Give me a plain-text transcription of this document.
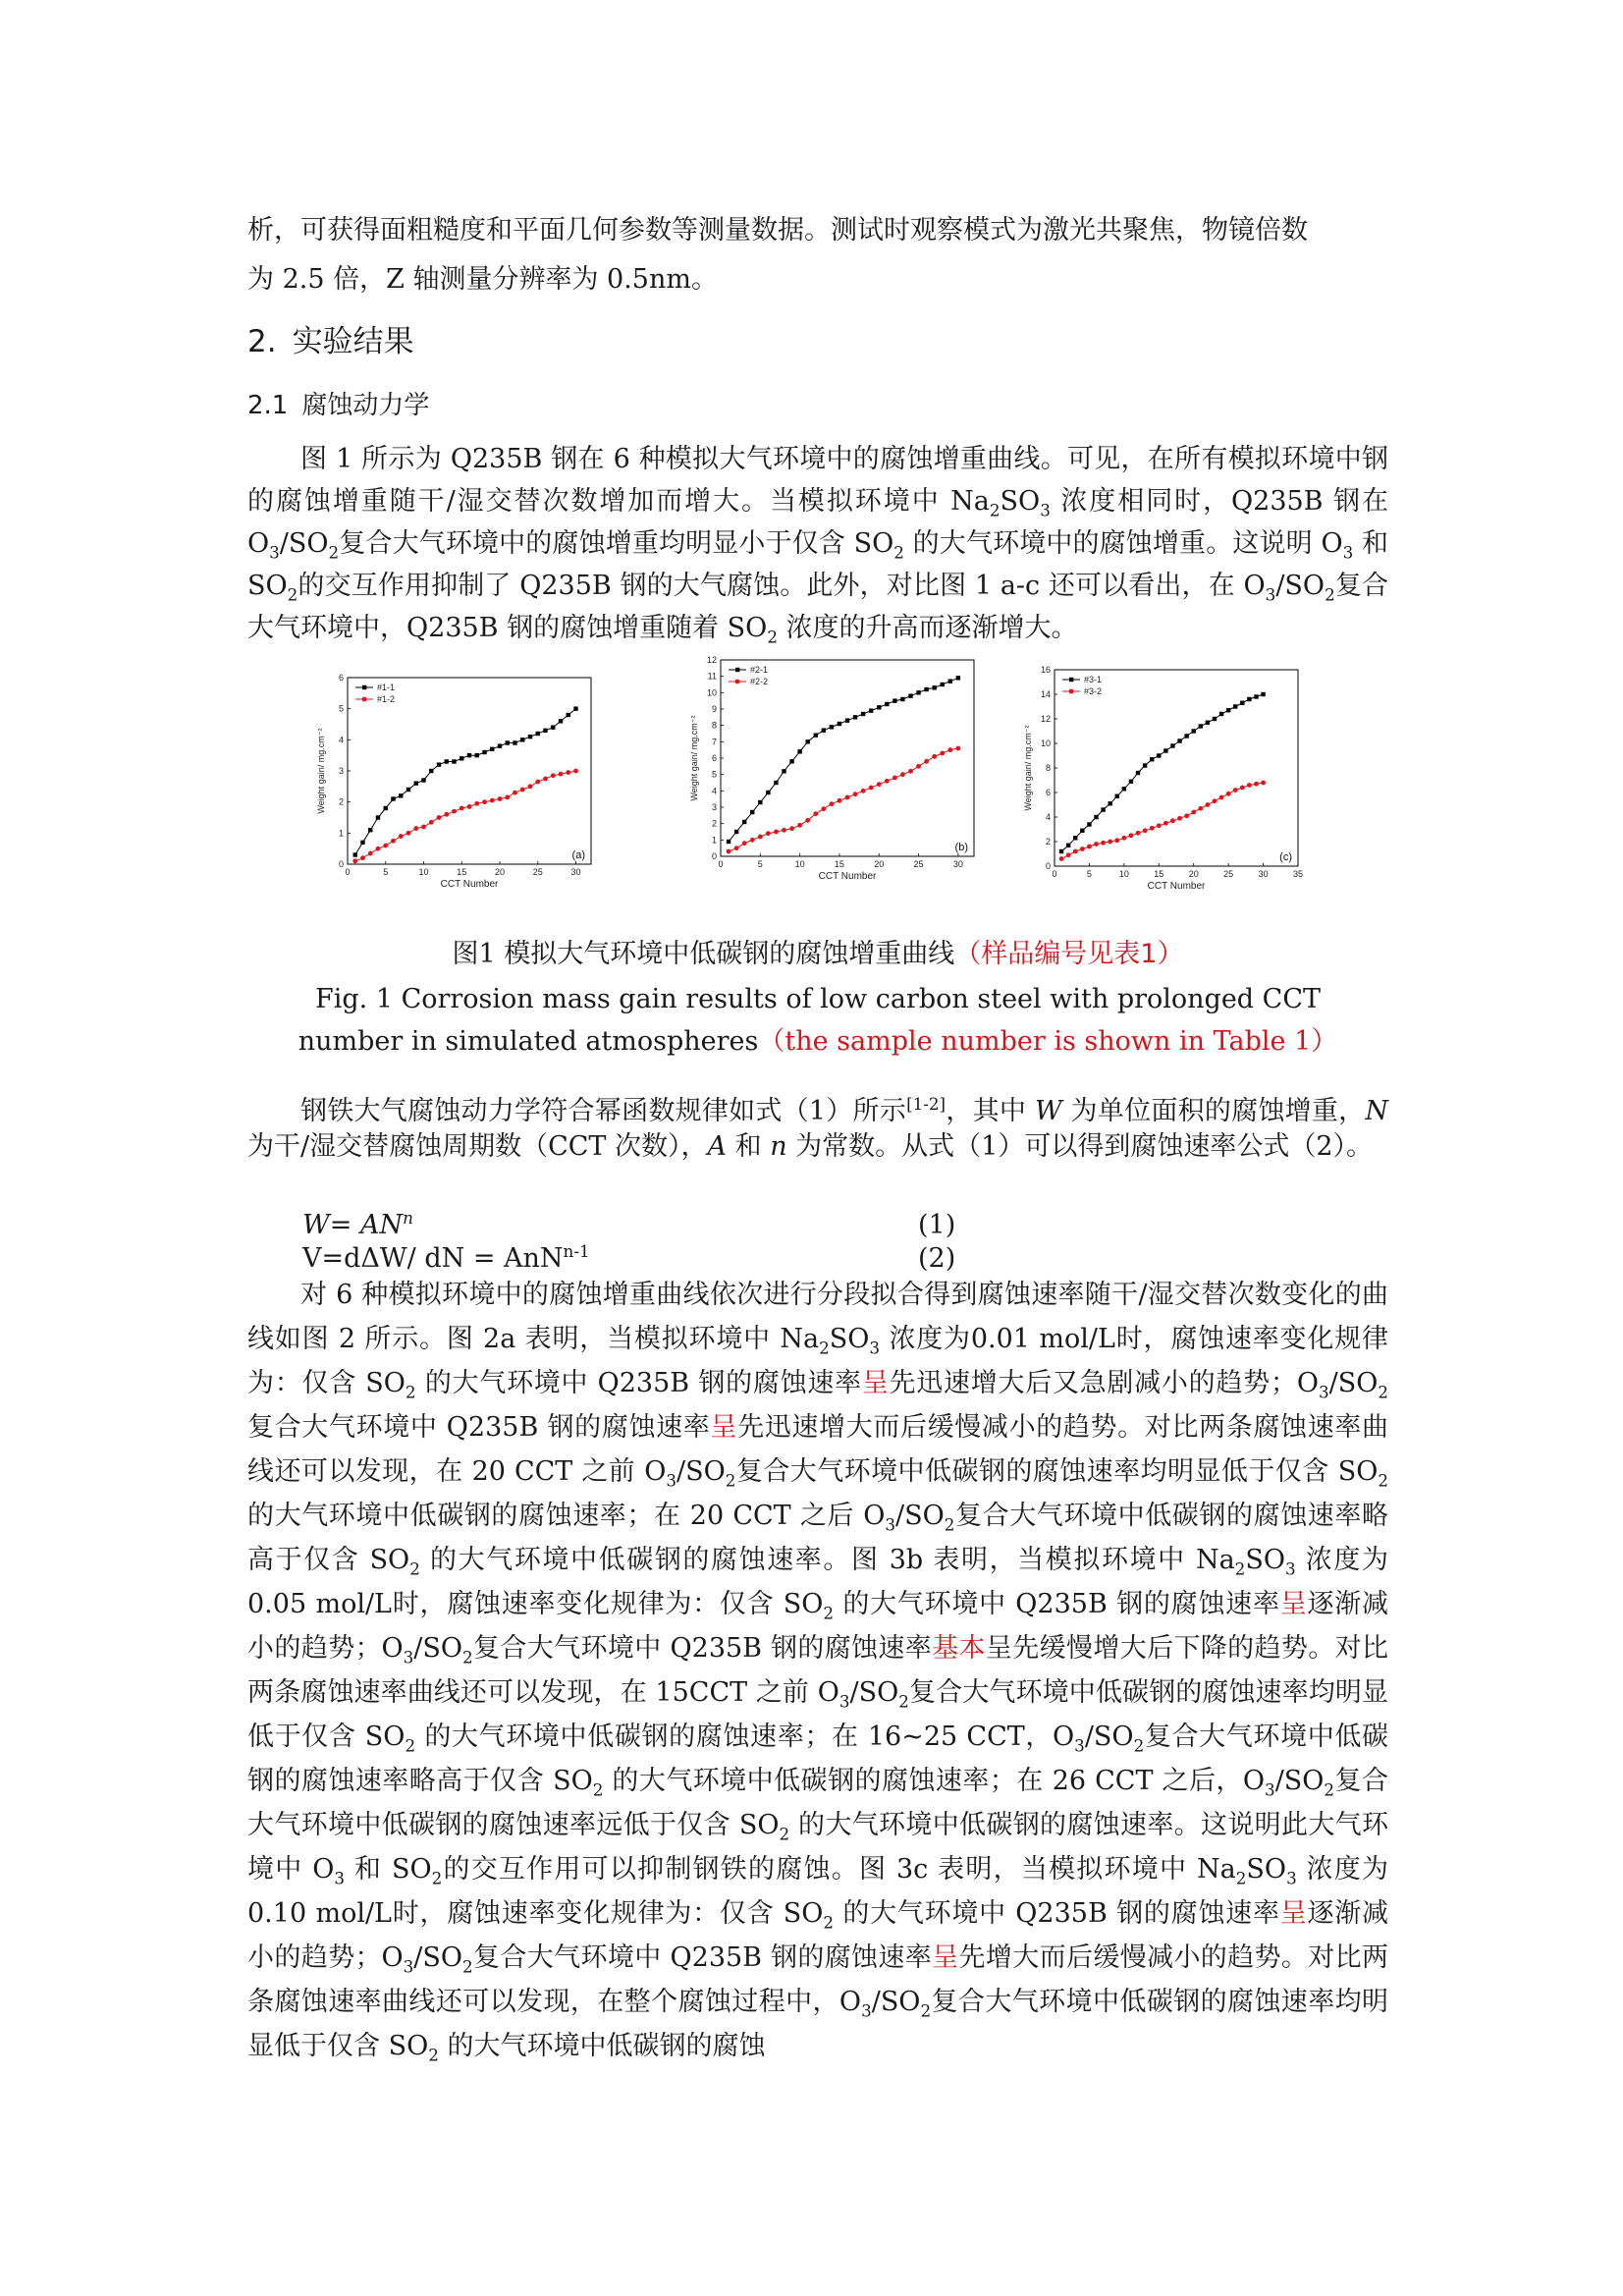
析，可获得面粗糙度和平面几何参数等测量数据。测试时观察模式为激光共聚焦，物镜倍数

为 2.5 倍，Z 轴测量分辨率为 0.5nm。

2. 实验结果
2.1 腐蚀动力学

图 1 所示为 Q235B 钢在 6 种模拟大气环境中的腐蚀增重曲线。可见，在所有模拟环境中钢的腐蚀增重随干/湿交替次数增加而增大。当模拟环境中 $Na_2SO_3$ 浓度相同时，Q235B 钢在 $O_3/SO_2$复合大气环境中的腐蚀增重均明显小于仅含 $SO_2$ 的大气环境中的腐蚀增重。这说明 $O_3$ 和 $SO_2$的交互作用抑制了 Q235B 钢的大气腐蚀。此外，对比图 1 a-c 还可以看出，在 $O_3/SO_2$复合大气环境中，Q235B 钢的腐蚀增重随着 $SO_2$ 浓度的升高而逐渐增大。

0	5	10	15	20	25	30
0
1
2
3
4
5
6
CCT Number
Weight gain/ mg.cm⁻²
(a)
#1-1
#1-2
0	5	10	15	20	25	30
0
1
2
3
4
5
6
7
8
9
10
11
12
CCT Number
Weight gain/ mg.cm⁻²
(b)
#2-1
#2-2
0	5	10	15	20	25	30	35
0
2
4
6
8
10
12
14
16
CCT Number
Weight gain/ mg.cm⁻²
(c)
#3-1
#3-2
图1 模拟大气环境中低碳钢的腐蚀增重曲线（样品编号见表1）
Fig. 1 Corrosion mass gain results of low carbon steel with prolonged CCT
number in simulated atmospheres（the sample number is shown in Table 1）

钢铁大气腐蚀动力学符合幂函数规律如式（1）所示[1-2]，其中 W 为单位面积的腐蚀增重，N 为干/湿交替腐蚀周期数（CCT 次数），A 和 n 为常数。从式（1）可以得到腐蚀速率公式（2）。

$W= AN^n$	(1)
V=dΔW/ dN = AnN$^{n-1}$	(2)

对 6 种模拟环境中的腐蚀增重曲线依次进行分段拟合得到腐蚀速率随干/湿交替次数变化的曲线如图 2 所示。图 2a 表明，当模拟环境中 $Na_2SO_3$ 浓度为0.01 mol/L时，腐蚀速率变化规律为：仅含 $SO_2$ 的大气环境中 Q235B 钢的腐蚀速率呈先迅速增大后又急剧减小的趋势；$O_3/SO_2$复合大气环境中 Q235B 钢的腐蚀速率呈先迅速增大而后缓慢减小的趋势。对比两条腐蚀速率曲线还可以发现，在 20 CCT 之前 $O_3/SO_2$复合大气环境中低碳钢的腐蚀速率均明显低于仅含 $SO_2$ 的大气环境中低碳钢的腐蚀速率；在 20 CCT 之后 $O_3/SO_2$复合大气环境中低碳钢的腐蚀速率略高于仅含 $SO_2$ 的大气环境中低碳钢的腐蚀速率。图 3b 表明，当模拟环境中 $Na_2SO_3$ 浓度为0.05 mol/L时，腐蚀速率变化规律为：仅含 $SO_2$ 的大气环境中 Q235B 钢的腐蚀速率呈逐渐减小的趋势；$O_3/SO_2$复合大气环境中 Q235B 钢的腐蚀速率基本呈先缓慢增大后下降的趋势。对比两条腐蚀速率曲线还可以发现，在 15CCT 之前 $O_3/SO_2$复合大气环境中低碳钢的腐蚀速率均明显低于仅含 $SO_2$ 的大气环境中低碳钢的腐蚀速率；在 16~25 CCT，$O_3/SO_2$复合大气环境中低碳钢的腐蚀速率略高于仅含 $SO_2$ 的大气环境中低碳钢的腐蚀速率；在 26 CCT 之后，$O_3/SO_2$复合大气环境中低碳钢的腐蚀速率远低于仅含 $SO_2$ 的大气环境中低碳钢的腐蚀速率。这说明此大气环境中 $O_3$ 和 $SO_2$的交互作用可以抑制钢铁的腐蚀。图 3c 表明，当模拟环境中 $Na_2SO_3$ 浓度为0.10 mol/L时，腐蚀速率变化规律为：仅含 $SO_2$ 的大气环境中 Q235B 钢的腐蚀速率呈逐渐减小的趋势；$O_3/SO_2$复合大气环境中 Q235B 钢的腐蚀速率呈先增大而后缓慢减小的趋势。对比两条腐蚀速率曲线还可以发现，在整个腐蚀过程中，$O_3/SO_2$复合大气环境中低碳钢的腐蚀速率均明显低于仅含 $SO_2$ 的大气环境中低碳钢的腐蚀
